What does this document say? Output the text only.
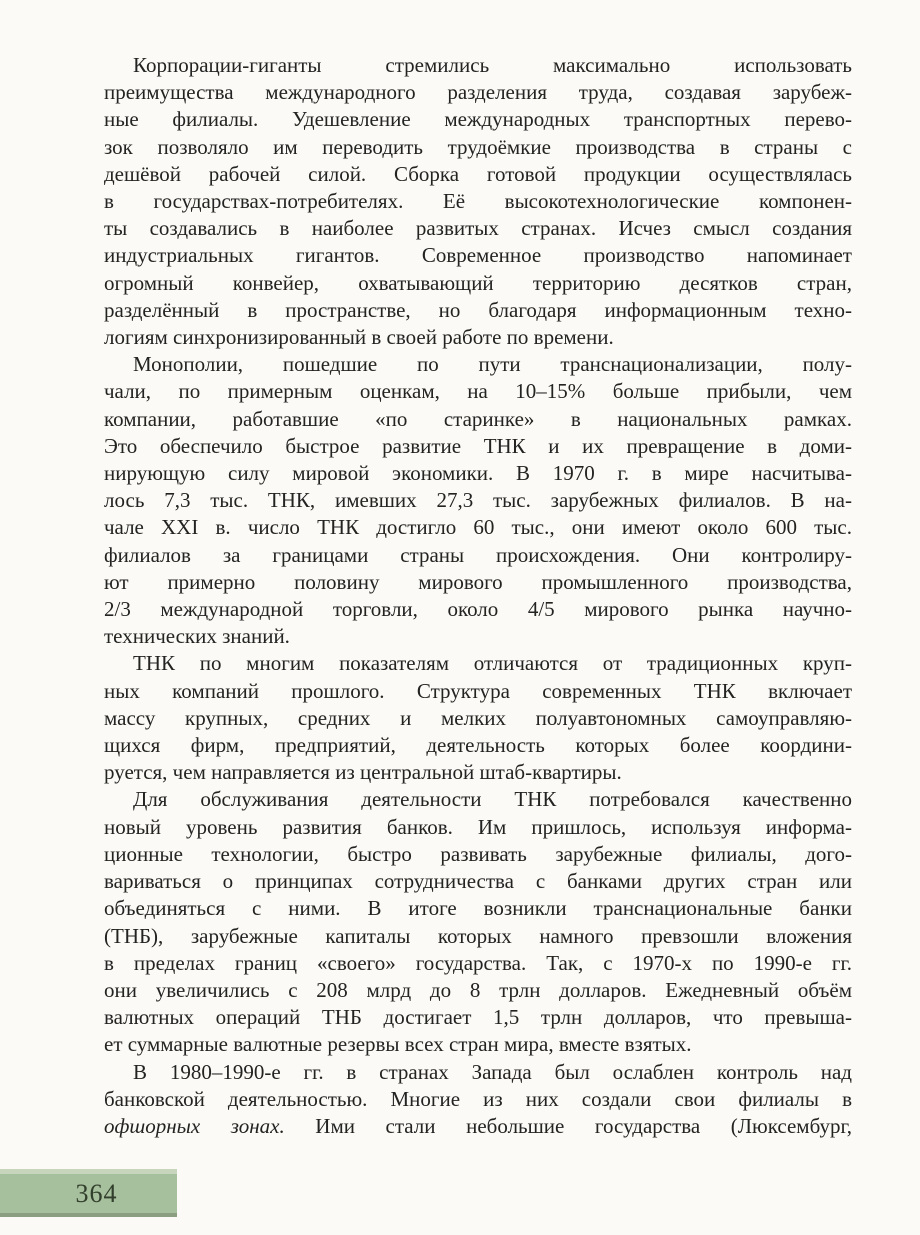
Корпорации-гиганты стремились максимально использовать
преимущества международного разделения труда, создавая зарубеж-
ные филиалы. Удешевление международных транспортных перево-
зок позволяло им переводить трудоёмкие производства в страны с
дешёвой рабочей силой. Сборка готовой продукции осуществлялась
в государствах-потребителях. Её высокотехнологические компонен-
ты создавались в наиболее развитых странах. Исчез смысл создания
индустриальных гигантов. Современное производство напоминает
огромный конвейер, охватывающий территорию десятков стран,
разделённый в пространстве, но благодаря информационным техно-
логиям синхронизированный в своей работе по времени.
Монополии, пошедшие по пути транснационализации, полу-
чали, по примерным оценкам, на 10–15% больше прибыли, чем
компании, работавшие «по старинке» в национальных рамках.
Это обеспечило быстрое развитие ТНК и их превращение в доми-
нирующую силу мировой экономики. В 1970 г. в мире насчитыва-
лось 7,3 тыс. ТНК, имевших 27,3 тыс. зарубежных филиалов. В на-
чале XXI в. число ТНК достигло 60 тыс., они имеют около 600 тыс.
филиалов за границами страны происхождения. Они контролиру-
ют примерно половину мирового промышленного производства,
2/3 международной торговли, около 4/5 мирового рынка научно-
технических знаний.
ТНК по многим показателям отличаются от традиционных круп-
ных компаний прошлого. Структура современных ТНК включает
массу крупных, средних и мелких полуавтономных самоуправляю-
щихся фирм, предприятий, деятельность которых более координи-
руется, чем направляется из центральной штаб-квартиры.
Для обслуживания деятельности ТНК потребовался качественно
новый уровень развития банков. Им пришлось, используя информа-
ционные технологии, быстро развивать зарубежные филиалы, дого-
вариваться о принципах сотрудничества с банками других стран или
объединяться с ними. В итоге возникли транснациональные банки
(ТНБ), зарубежные капиталы которых намного превзошли вложения
в пределах границ «своего» государства. Так, с 1970-х по 1990-е гг.
они увеличились с 208 млрд до 8 трлн долларов. Ежедневный объём
валютных операций ТНБ достигает 1,5 трлн долларов, что превыша-
ет суммарные валютные резервы всех стран мира, вместе взятых.
В 1980–1990-е гг. в странах Запада был ослаблен контроль над
банковской деятельностью. Многие из них создали свои филиалы в
офшорных зонах. Ими стали небольшие государства (Люксембург,
364
